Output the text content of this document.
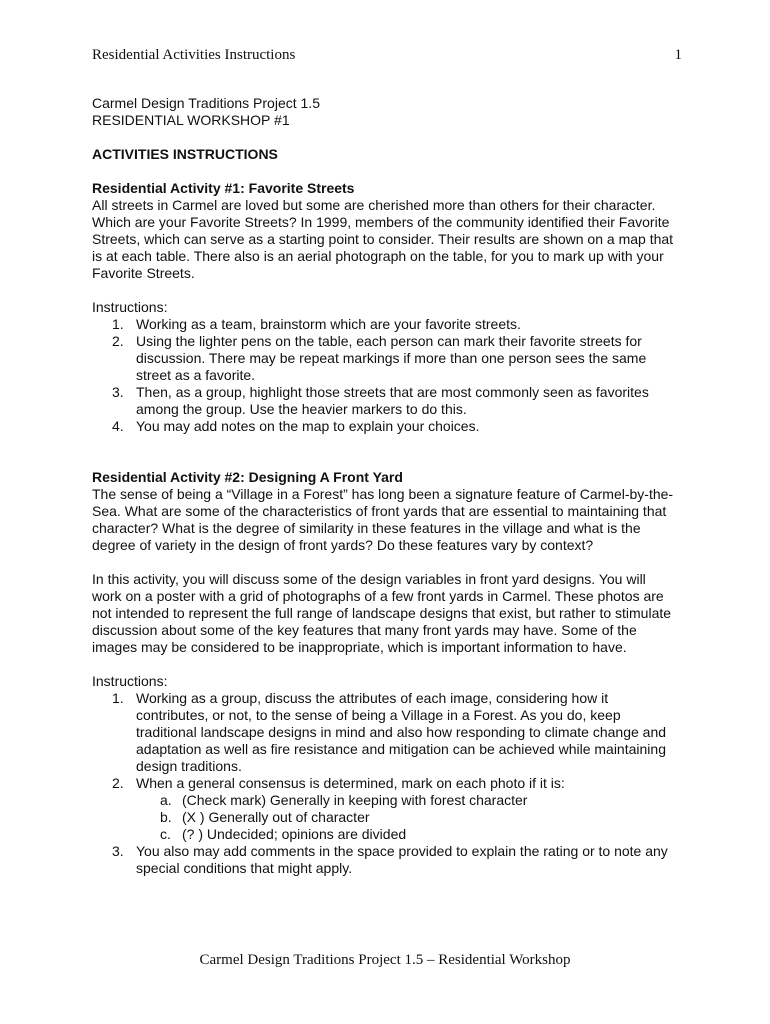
Residential Activities Instructions	1
Carmel Design Traditions Project 1.5
RESIDENTIAL WORKSHOP #1
ACTIVITIES INSTRUCTIONS
Residential Activity #1: Favorite Streets
All streets in Carmel are loved but some are cherished more than others for their character.
Which are your Favorite Streets? In 1999, members of the community identified their Favorite
Streets, which can serve as a starting point to consider. Their results are shown on a map that
is at each table. There also is an aerial photograph on the table, for you to mark up with your
Favorite Streets.
Instructions:
1. Working as a team, brainstorm which are your favorite streets.
2. Using the lighter pens on the table, each person can mark their favorite streets for
discussion. There may be repeat markings if more than one person sees the same
street as a favorite.
3. Then, as a group, highlight those streets that are most commonly seen as favorites
among the group. Use the heavier markers to do this.
4. You may add notes on the map to explain your choices.
Residential Activity #2: Designing A Front Yard
The sense of being a “Village in a Forest” has long been a signature feature of Carmel-by-the-
Sea. What are some of the characteristics of front yards that are essential to maintaining that
character? What is the degree of similarity in these features in the village and what is the
degree of variety in the design of front yards? Do these features vary by context?
In this activity, you will discuss some of the design variables in front yard designs. You will
work on a poster with a grid of photographs of a few front yards in Carmel. These photos are
not intended to represent the full range of landscape designs that exist, but rather to stimulate
discussion about some of the key features that many front yards may have. Some of the
images may be considered to be inappropriate, which is important information to have.
Instructions:
1. Working as a group, discuss the attributes of each image, considering how it
contributes, or not, to the sense of being a Village in a Forest. As you do, keep
traditional landscape designs in mind and also how responding to climate change and
adaptation as well as fire resistance and mitigation can be achieved while maintaining
design traditions.
2. When a general consensus is determined, mark on each photo if it is:
a. (Check mark) Generally in keeping with forest character
b. (X ) Generally out of character
c. (? ) Undecided; opinions are divided
3. You also may add comments in the space provided to explain the rating or to note any
special conditions that might apply.
Carmel Design Traditions Project 1.5 – Residential Workshop
